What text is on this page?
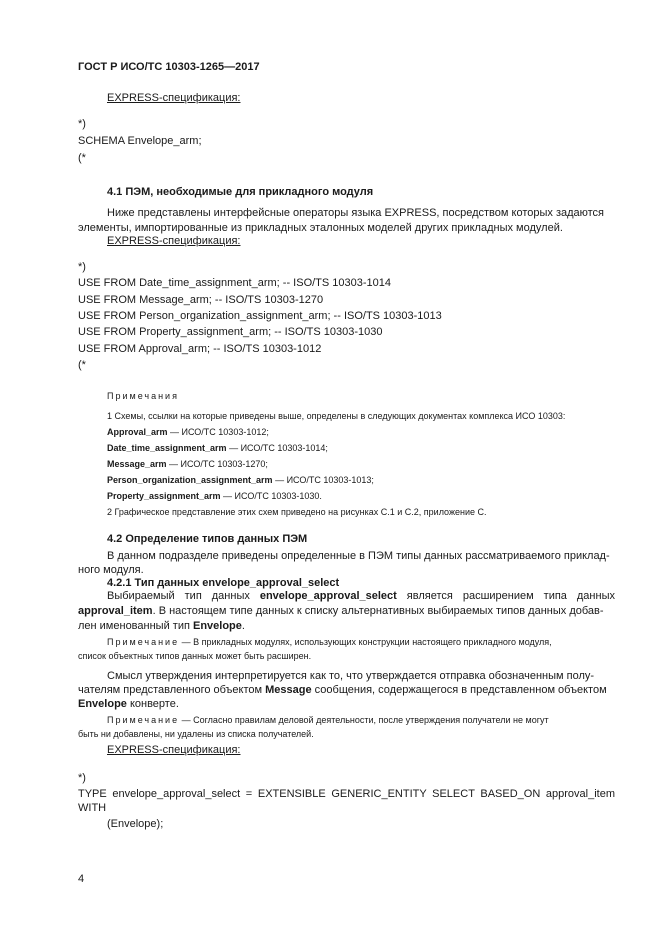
ГОСТ Р ИСО/ТС 10303-1265—2017
EXPRESS-спецификация:
*)
SCHEMA Envelope_arm;
(*
4.1 ПЭМ, необходимые для прикладного модуля
Ниже представлены интерфейсные операторы языка EXPRESS, посредством которых задаются
элементы, импортированные из прикладных эталонных моделей других прикладных модулей.
EXPRESS-спецификация:
*)
USE FROM Date_time_assignment_arm; -- ISO/TS 10303-1014
USE FROM Message_arm; -- ISO/TS 10303-1270
USE FROM Person_organization_assignment_arm; -- ISO/TS 10303-1013
USE FROM Property_assignment_arm; -- ISO/TS 10303-1030
USE FROM Approval_arm; -- ISO/TS 10303-1012
(*
Примечания
1 Схемы, ссылки на которые приведены выше, определены в следующих документах комплекса ИСО 10303:
Approval_arm — ИСО/ТС 10303-1012;
Date_time_assignment_arm — ИСО/ТС 10303-1014;
Message_arm — ИСО/ТС 10303-1270;
Person_organization_assignment_arm — ИСО/ТС 10303-1013;
Property_assignment_arm — ИСО/ТС 10303-1030.
2 Графическое представление этих схем приведено на рисунках С.1 и С.2, приложение С.
4.2 Определение типов данных ПЭМ
В данном подразделе приведены определенные в ПЭМ типы данных рассматриваемого приклад-
ного модуля.
4.2.1 Тип данных envelope_approval_select
Выбираемый тип данных envelope_approval_select является расширением типа данных
approval_item. В настоящем типе данных к списку альтернативных выбираемых типов данных добав-
лен именованный тип Envelope.
Примечание — В прикладных модулях, использующих конструкции настоящего прикладного модуля,
список объектных типов данных может быть расширен.
Смысл утверждения интерпретируется как то, что утверждается отправка обозначенным полу-
чателям представленного объектом Message сообщения, содержащегося в представленном объектом
Envelope конверте.
Примечание — Согласно правилам деловой деятельности, после утверждения получатели не могут
быть ни добавлены, ни удалены из списка получателей.
EXPRESS-спецификация:
*)
TYPE envelope_approval_select = EXTENSIBLE GENERIC_ENTITY SELECT BASED_ON approval_item
WITH
(Envelope);
4
